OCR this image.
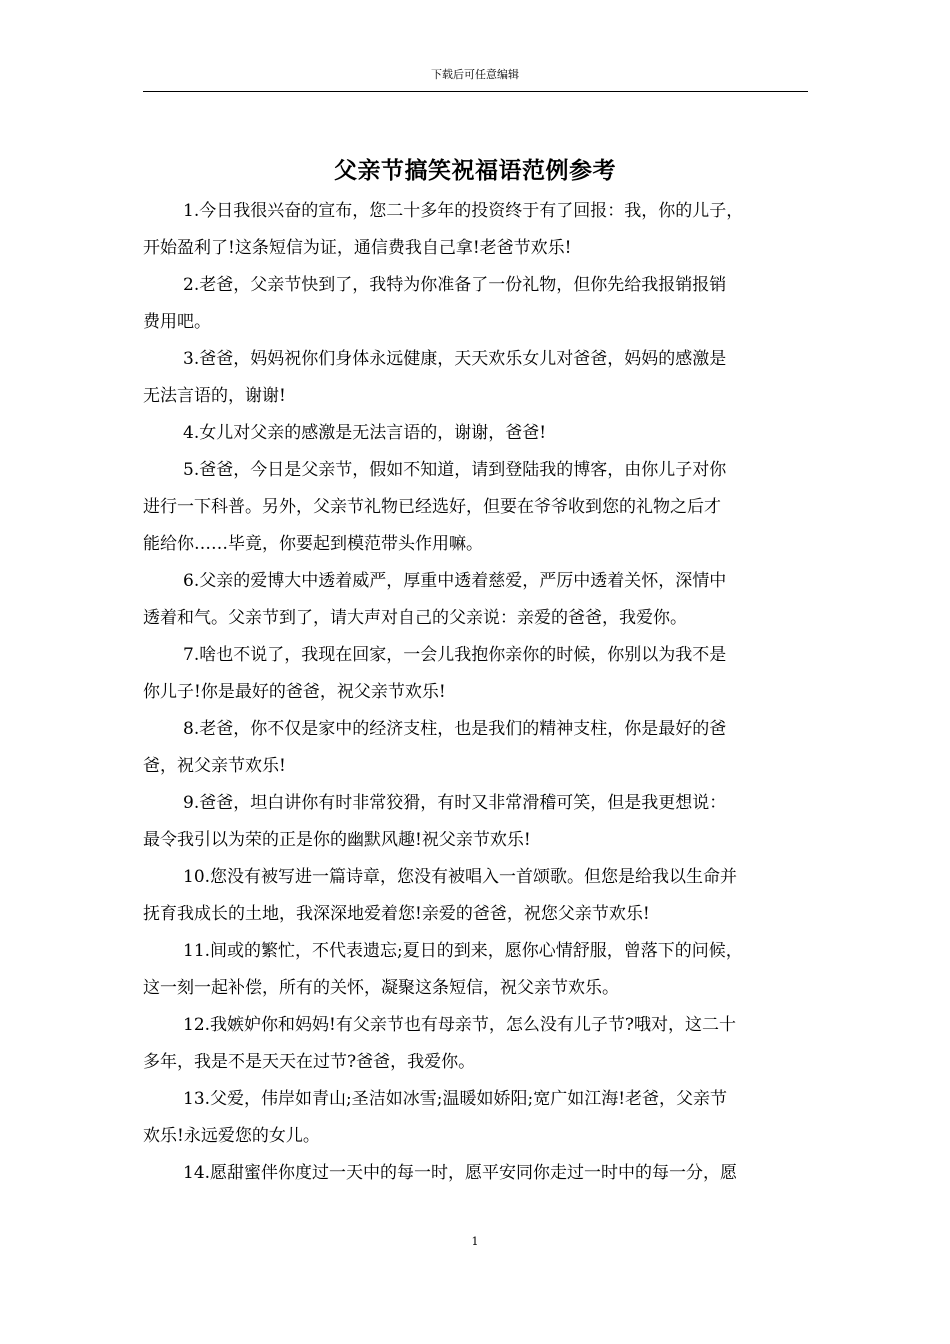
下载后可任意编辑
父亲节搞笑祝福语范例参考

1.今日我很兴奋的宣布，您二十多年的投资终于有了回报：我，你的儿子，

开始盈利了!这条短信为证，通信费我自己拿!老爸节欢乐!

2.老爸，父亲节快到了，我特为你准备了一份礼物，但你先给我报销报销

费用吧。

3.爸爸，妈妈祝你们身体永远健康，天天欢乐女儿对爸爸，妈妈的感激是

无法言语的，谢谢!

4.女儿对父亲的感激是无法言语的，谢谢，爸爸!

5.爸爸，今日是父亲节，假如不知道，请到登陆我的博客，由你儿子对你

进行一下科普。另外，父亲节礼物已经选好，但要在爷爷收到您的礼物之后才

能给你……毕竟，你要起到模范带头作用嘛。

6.父亲的爱博大中透着威严，厚重中透着慈爱，严厉中透着关怀，深情中

透着和气。父亲节到了，请大声对自己的父亲说：亲爱的爸爸，我爱你。

7.啥也不说了，我现在回家，一会儿我抱你亲你的时候，你别以为我不是

你儿子!你是最好的爸爸，祝父亲节欢乐!

8.老爸，你不仅是家中的经济支柱，也是我们的精神支柱，你是最好的爸

爸，祝父亲节欢乐!

9.爸爸，坦白讲你有时非常狡猾，有时又非常滑稽可笑，但是我更想说：

最令我引以为荣的正是你的幽默风趣!祝父亲节欢乐!

10.您没有被写进一篇诗章，您没有被唱入一首颂歌。但您是给我以生命并

抚育我成长的土地，我深深地爱着您!亲爱的爸爸，祝您父亲节欢乐!

11.间或的繁忙，不代表遗忘;夏日的到来，愿你心情舒服，曾落下的问候，

这一刻一起补偿，所有的关怀，凝聚这条短信，祝父亲节欢乐。

12.我嫉妒你和妈妈!有父亲节也有母亲节，怎么没有儿子节?哦对，这二十

多年，我是不是天天在过节?爸爸，我爱你。

13.父爱，伟岸如青山;圣洁如冰雪;温暖如娇阳;宽广如江海!老爸，父亲节

欢乐!永远爱您的女儿。

14.愿甜蜜伴你度过一天中的每一时，愿平安同你走过一时中的每一分，愿

1
